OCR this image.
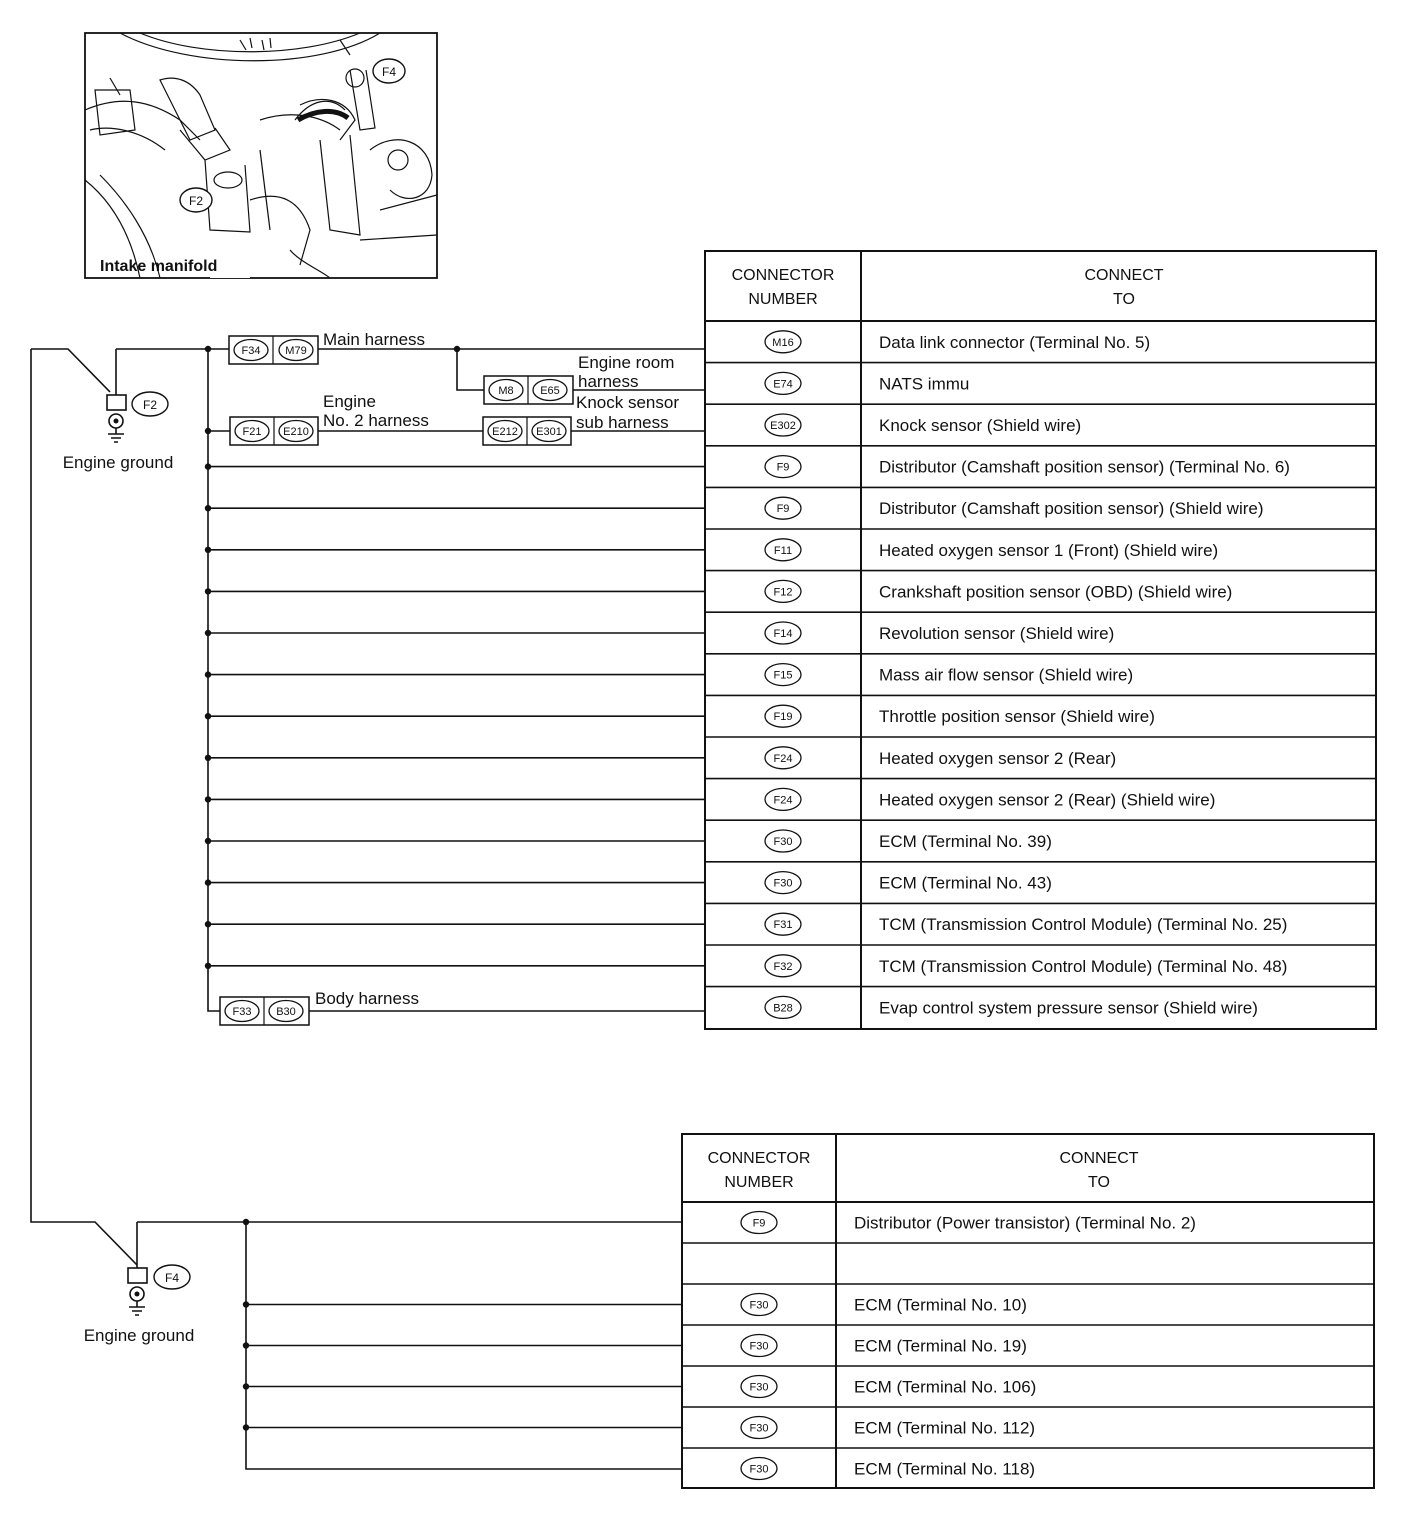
F4
F2
Intake manifold
F2
Engine ground
F4
Engine ground
F34 M79
Main harness
M8 E65
Engine room
harness
F21 E210
Engine
No. 2 harness
E212 E301
Knock sensor
sub harness
F33 B30
Body harness
CONNECTOR
NUMBER
CONNECT
TO
M16	Data link connector (Terminal No. 5)
E74	NATS immu
E302	Knock sensor (Shield wire)
F9	Distributor (Camshaft position sensor) (Terminal No. 6)
F9	Distributor (Camshaft position sensor) (Shield wire)
F11	Heated oxygen sensor 1 (Front) (Shield wire)
F12	Crankshaft position sensor (OBD) (Shield wire)
F14	Revolution sensor (Shield wire)
F15	Mass air flow sensor (Shield wire)
F19	Throttle position sensor (Shield wire)
F24	Heated oxygen sensor 2 (Rear)
F24	Heated oxygen sensor 2 (Rear) (Shield wire)
F30	ECM (Terminal No. 39)
F30	ECM (Terminal No. 43)
F31	TCM (Transmission Control Module) (Terminal No. 25)
F32	TCM (Transmission Control Module) (Terminal No. 48)
B28	Evap control system pressure sensor (Shield wire)
CONNECTOR
NUMBER
CONNECT
TO
F9	Distributor (Power transistor) (Terminal No. 2)
F30	ECM (Terminal No. 10)
F30	ECM (Terminal No. 19)
F30	ECM (Terminal No. 106)
F30	ECM (Terminal No. 112)
F30	ECM (Terminal No. 118)
